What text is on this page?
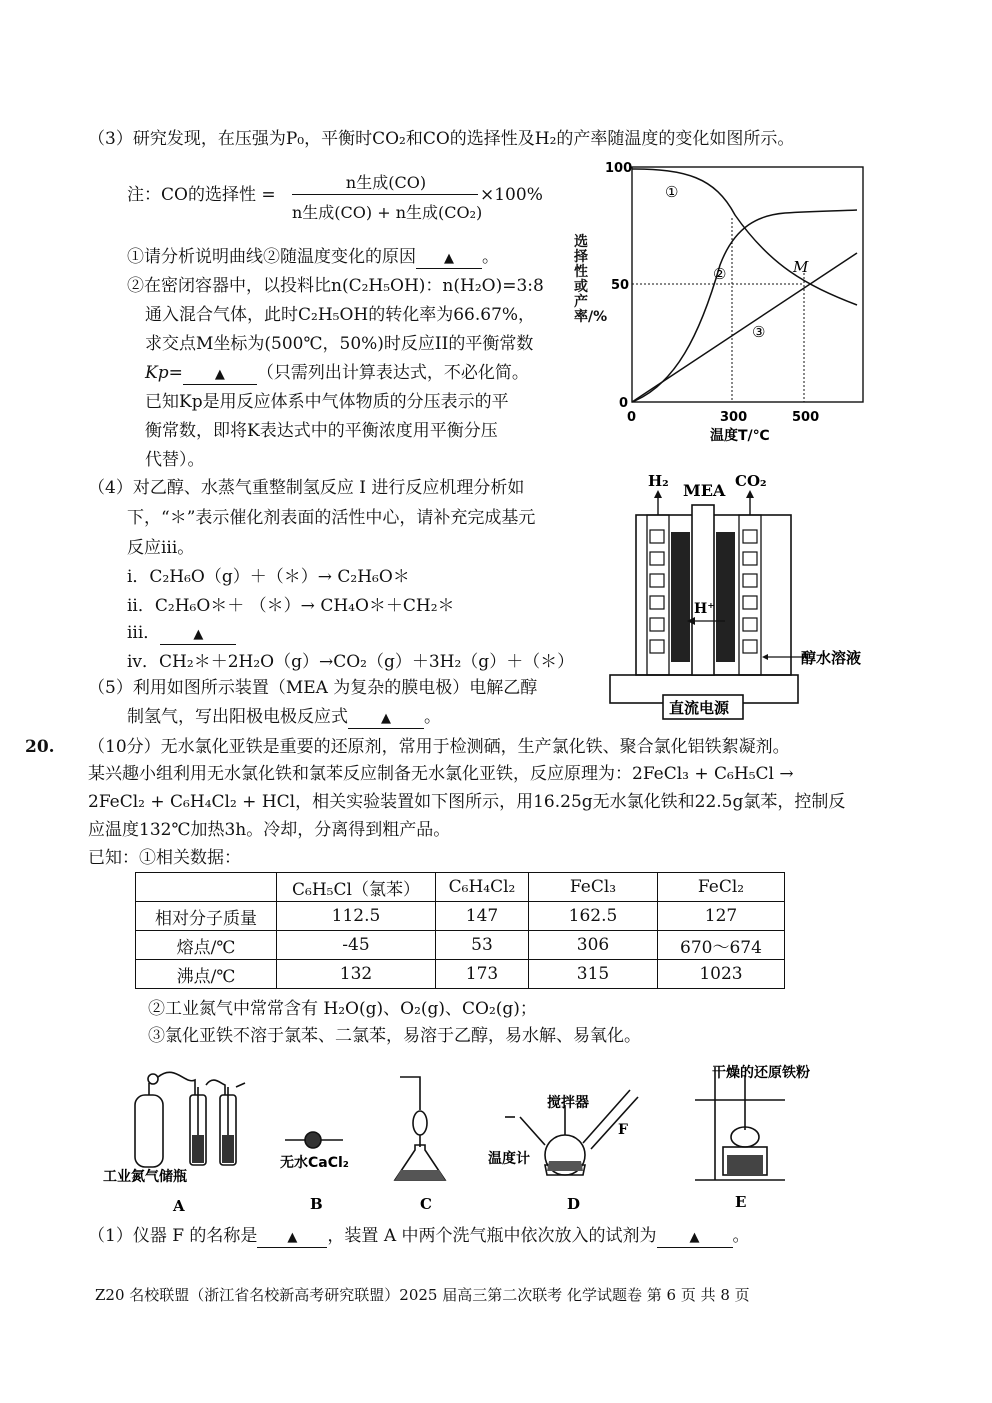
（3）研究发现，在压强为P₀，平衡时CO₂和CO的选择性及H₂的产率随温度的变化如图所示。
注：CO的选择性 =
n生成(CO)
n生成(CO) + n生成(CO₂)
×100%
①请分析说明曲线②随温度变化的原因 ▲ 。
②在密闭容器中，以投料比n(C₂H₅OH)：n(H₂O)=3:8
通入混合气体，此时C₂H₅OH的转化率为66.67%，
求交点M坐标为(500℃，50%)时反应II的平衡常数
Kp= ▲ （只需列出计算表达式，不必化简。
已知Kp是用反应体系中气体物质的分压表示的平
衡常数，即将K表达式中的平衡浓度用平衡分压
代替）。
100
50
0
0	300	500
温度T/℃
①
②
③
M
选择性或产率/%
（4）对乙醇、水蒸气重整制氢反应 I 进行反应机理分析如
下，“＊”表示催化剂表面的活性中心，请补充完成基元
反应iii。
i．C₂H₆O（g）＋（＊）→ C₂H₆O＊
ii．C₂H₆O＊＋ （＊）→ CH₄O＊＋CH₂＊
iii．	▲
iv．CH₂＊＋2H₂O（g）→CO₂（g）＋3H₂（g）＋（＊）
（5）利用如图所示装置（MEA 为复杂的膜电极）电解乙醇
制氢气，写出阳极电极反应式	▲ 。
H₂ MEA CO₂
H⁺
醇水溶液
直流电源
20. （10分）无水氯化亚铁是重要的还原剂，常用于检测硒，生产氯化铁、聚合氯化铝铁絮凝剂。
某兴趣小组利用无水氯化铁和氯苯反应制备无水氯化亚铁，反应原理为：2FeCl₃ + C₆H₅Cl →
2FeCl₂ + C₆H₄Cl₂ + HCl，相关实验装置如下图所示，用16.25g无水氯化铁和22.5g氯苯，控制反
应温度132℃加热3h。冷却，分离得到粗产品。
已知：①相关数据：
	C₆H₅Cl（氯苯）	C₆H₄Cl₂	FeCl₃	FeCl₂
相对分子质量	112.5	147	162.5	127
熔点/℃	-45	53	306	670～674
沸点/℃	132	173	315	1023
②工业氮气中常常含有 H₂O(g)、O₂(g)、CO₂(g)；
③氯化亚铁不溶于氯苯、二氯苯，易溶于乙醇，易水解、易氧化。
工业氮气储瓶
无水CaCl₂
搅拌器
F
温度计
干燥的还原铁粉
A	B	C	D	E
（1）仪器 F 的名称是 ▲ ，装置 A 中两个洗气瓶中依次放入的试剂为	▲ 。
Z20 名校联盟（浙江省名校新高考研究联盟）2025 届高三第二次联考 化学试题卷 第 6 页 共 8 页
